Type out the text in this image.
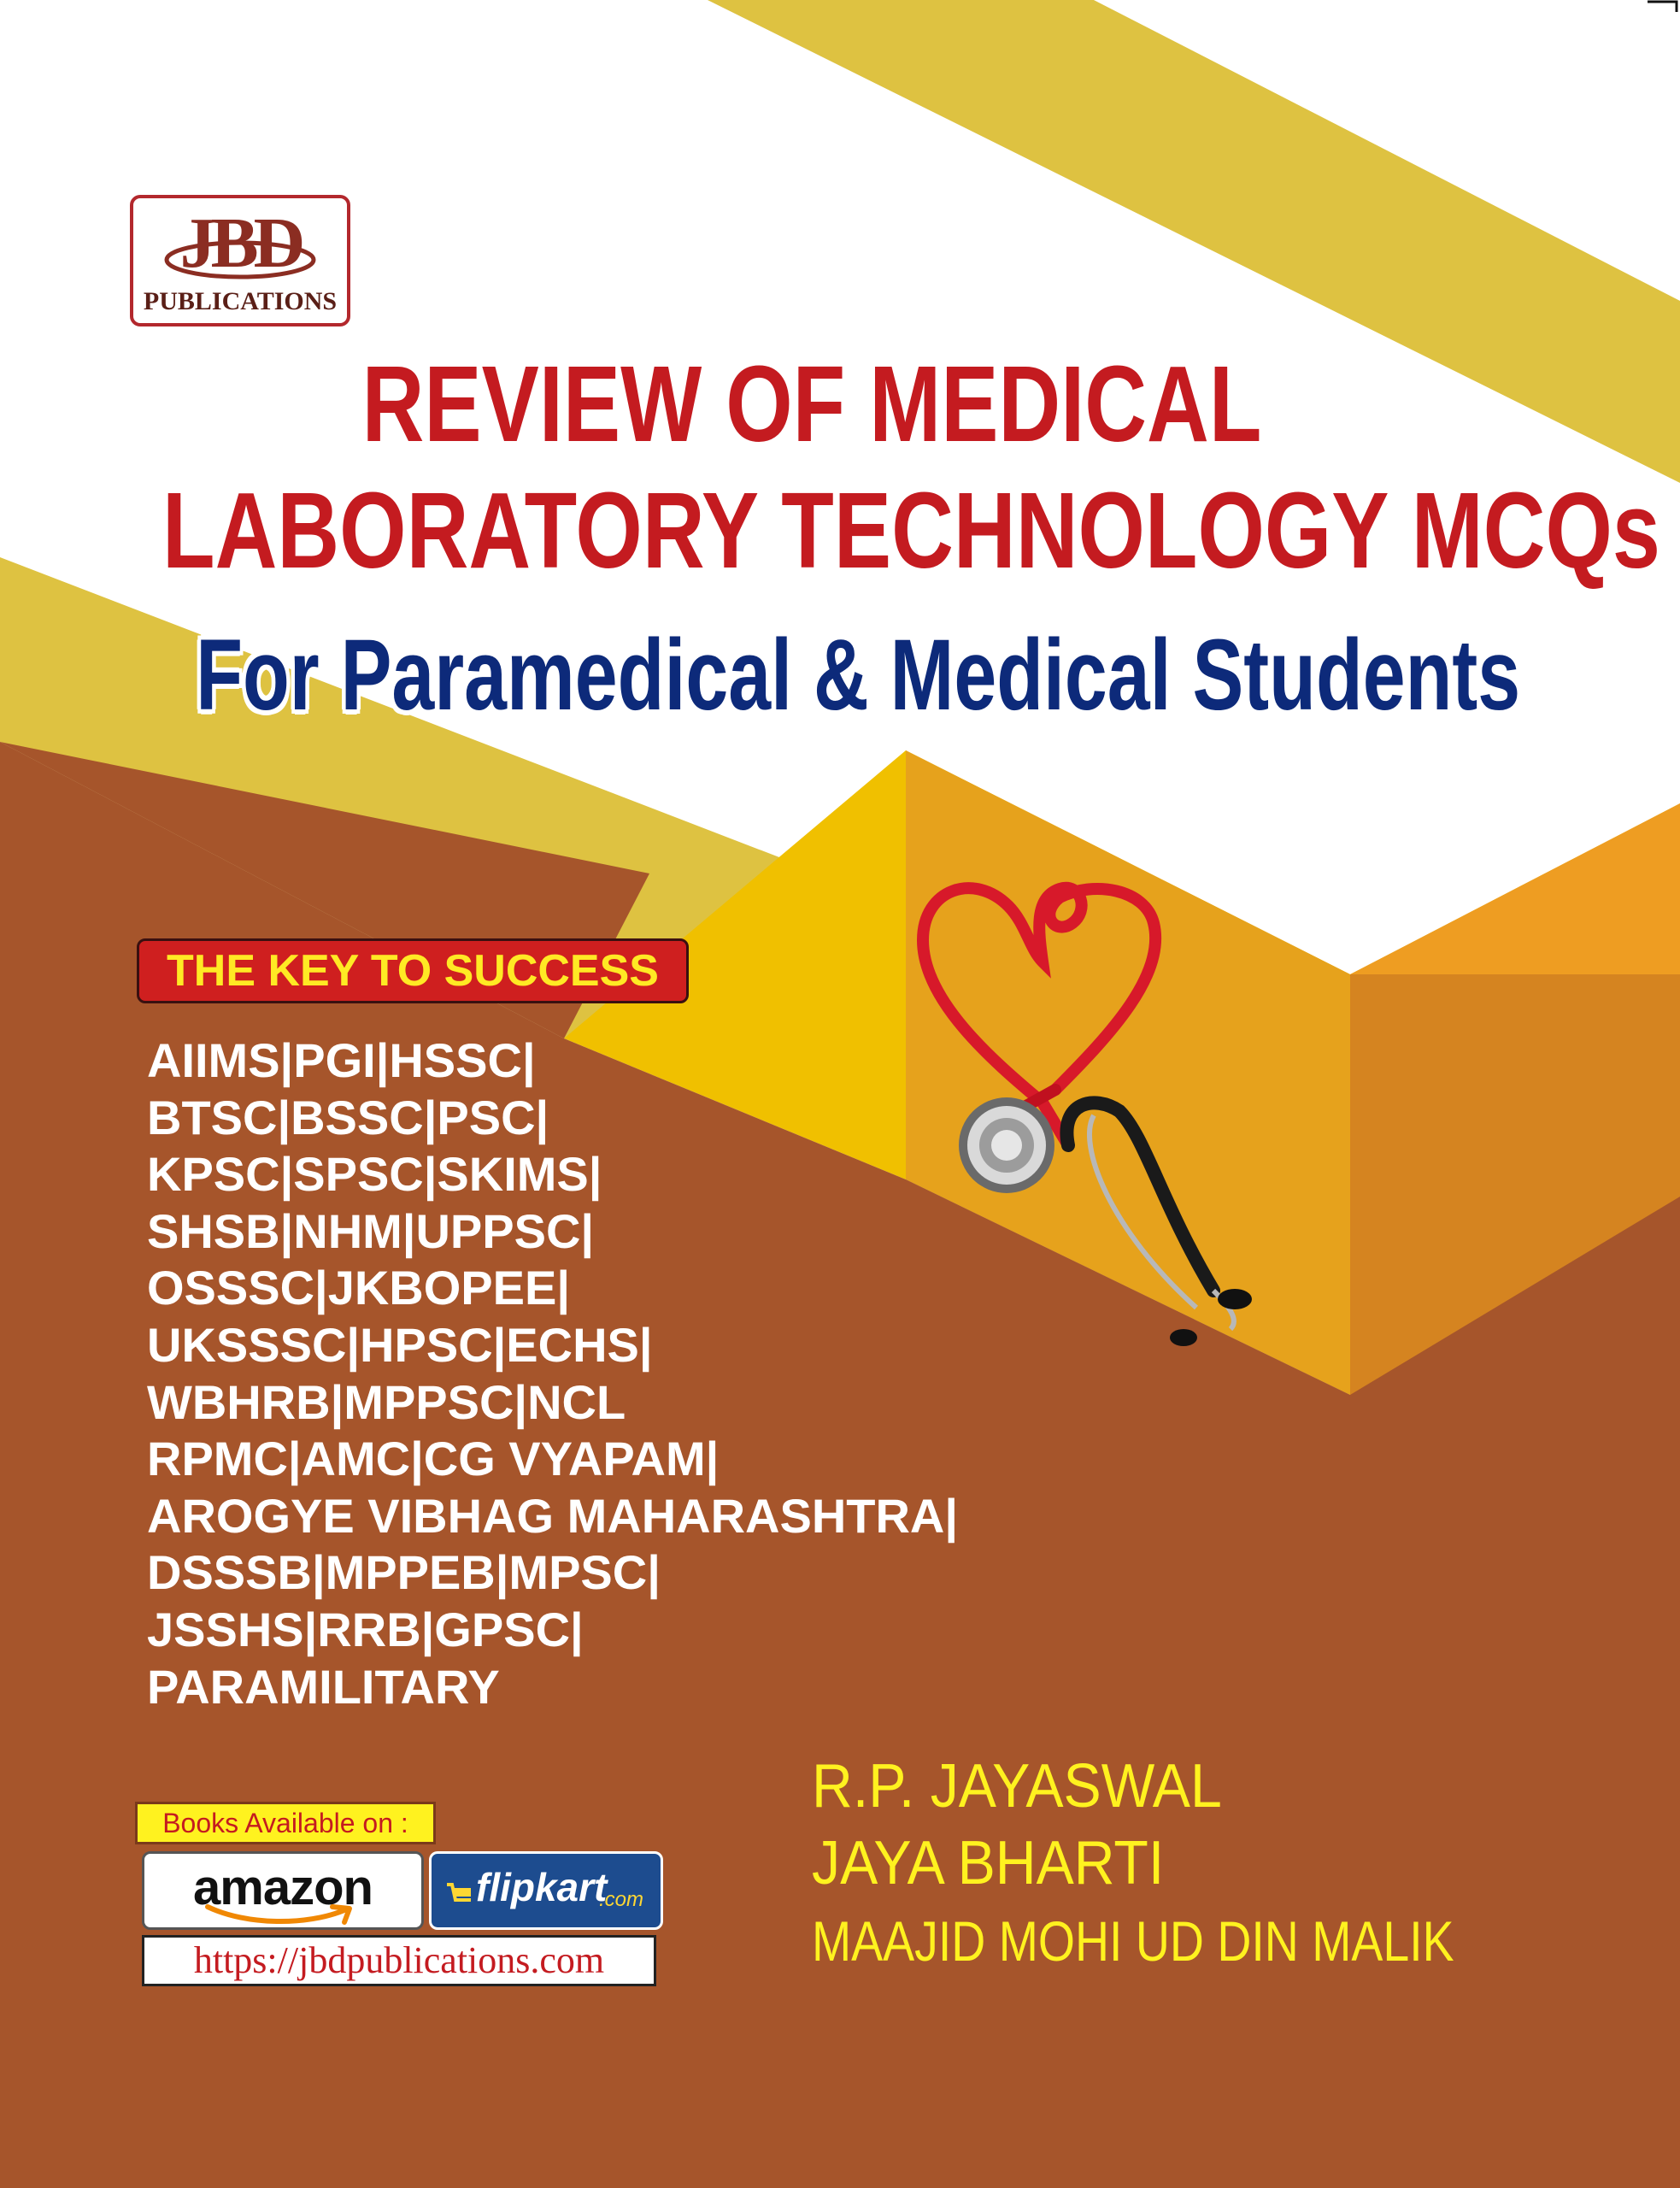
JBD
PUBLICATIONS
REVIEW OF MEDICAL
LABORATORY TECHNOLOGY MCQs
For Paramedical & Medical Students
THE KEY TO SUCCESS
AIIMS|PGI|HSSC|
BTSC|BSSC|PSC|
KPSC|SPSC|SKIMS|
SHSB|NHM|UPPSC|
OSSSC|JKBOPEE|
UKSSSC|HPSC|ECHS|
WBHRB|MPPSC|NCL
RPMC|AMC|CG VYAPAM|
AROGYE VIBHAG MAHARASHTRA|
DSSSB|MPPEB|MPSC|
JSSHS|RRB|GPSC|
PARAMILITARY
R.P. JAYASWAL
JAYA BHARTI
MAAJID MOHI UD DIN MALIK
Books Available on :
amazon	flipkart
.com
https://jbdpublications.com
